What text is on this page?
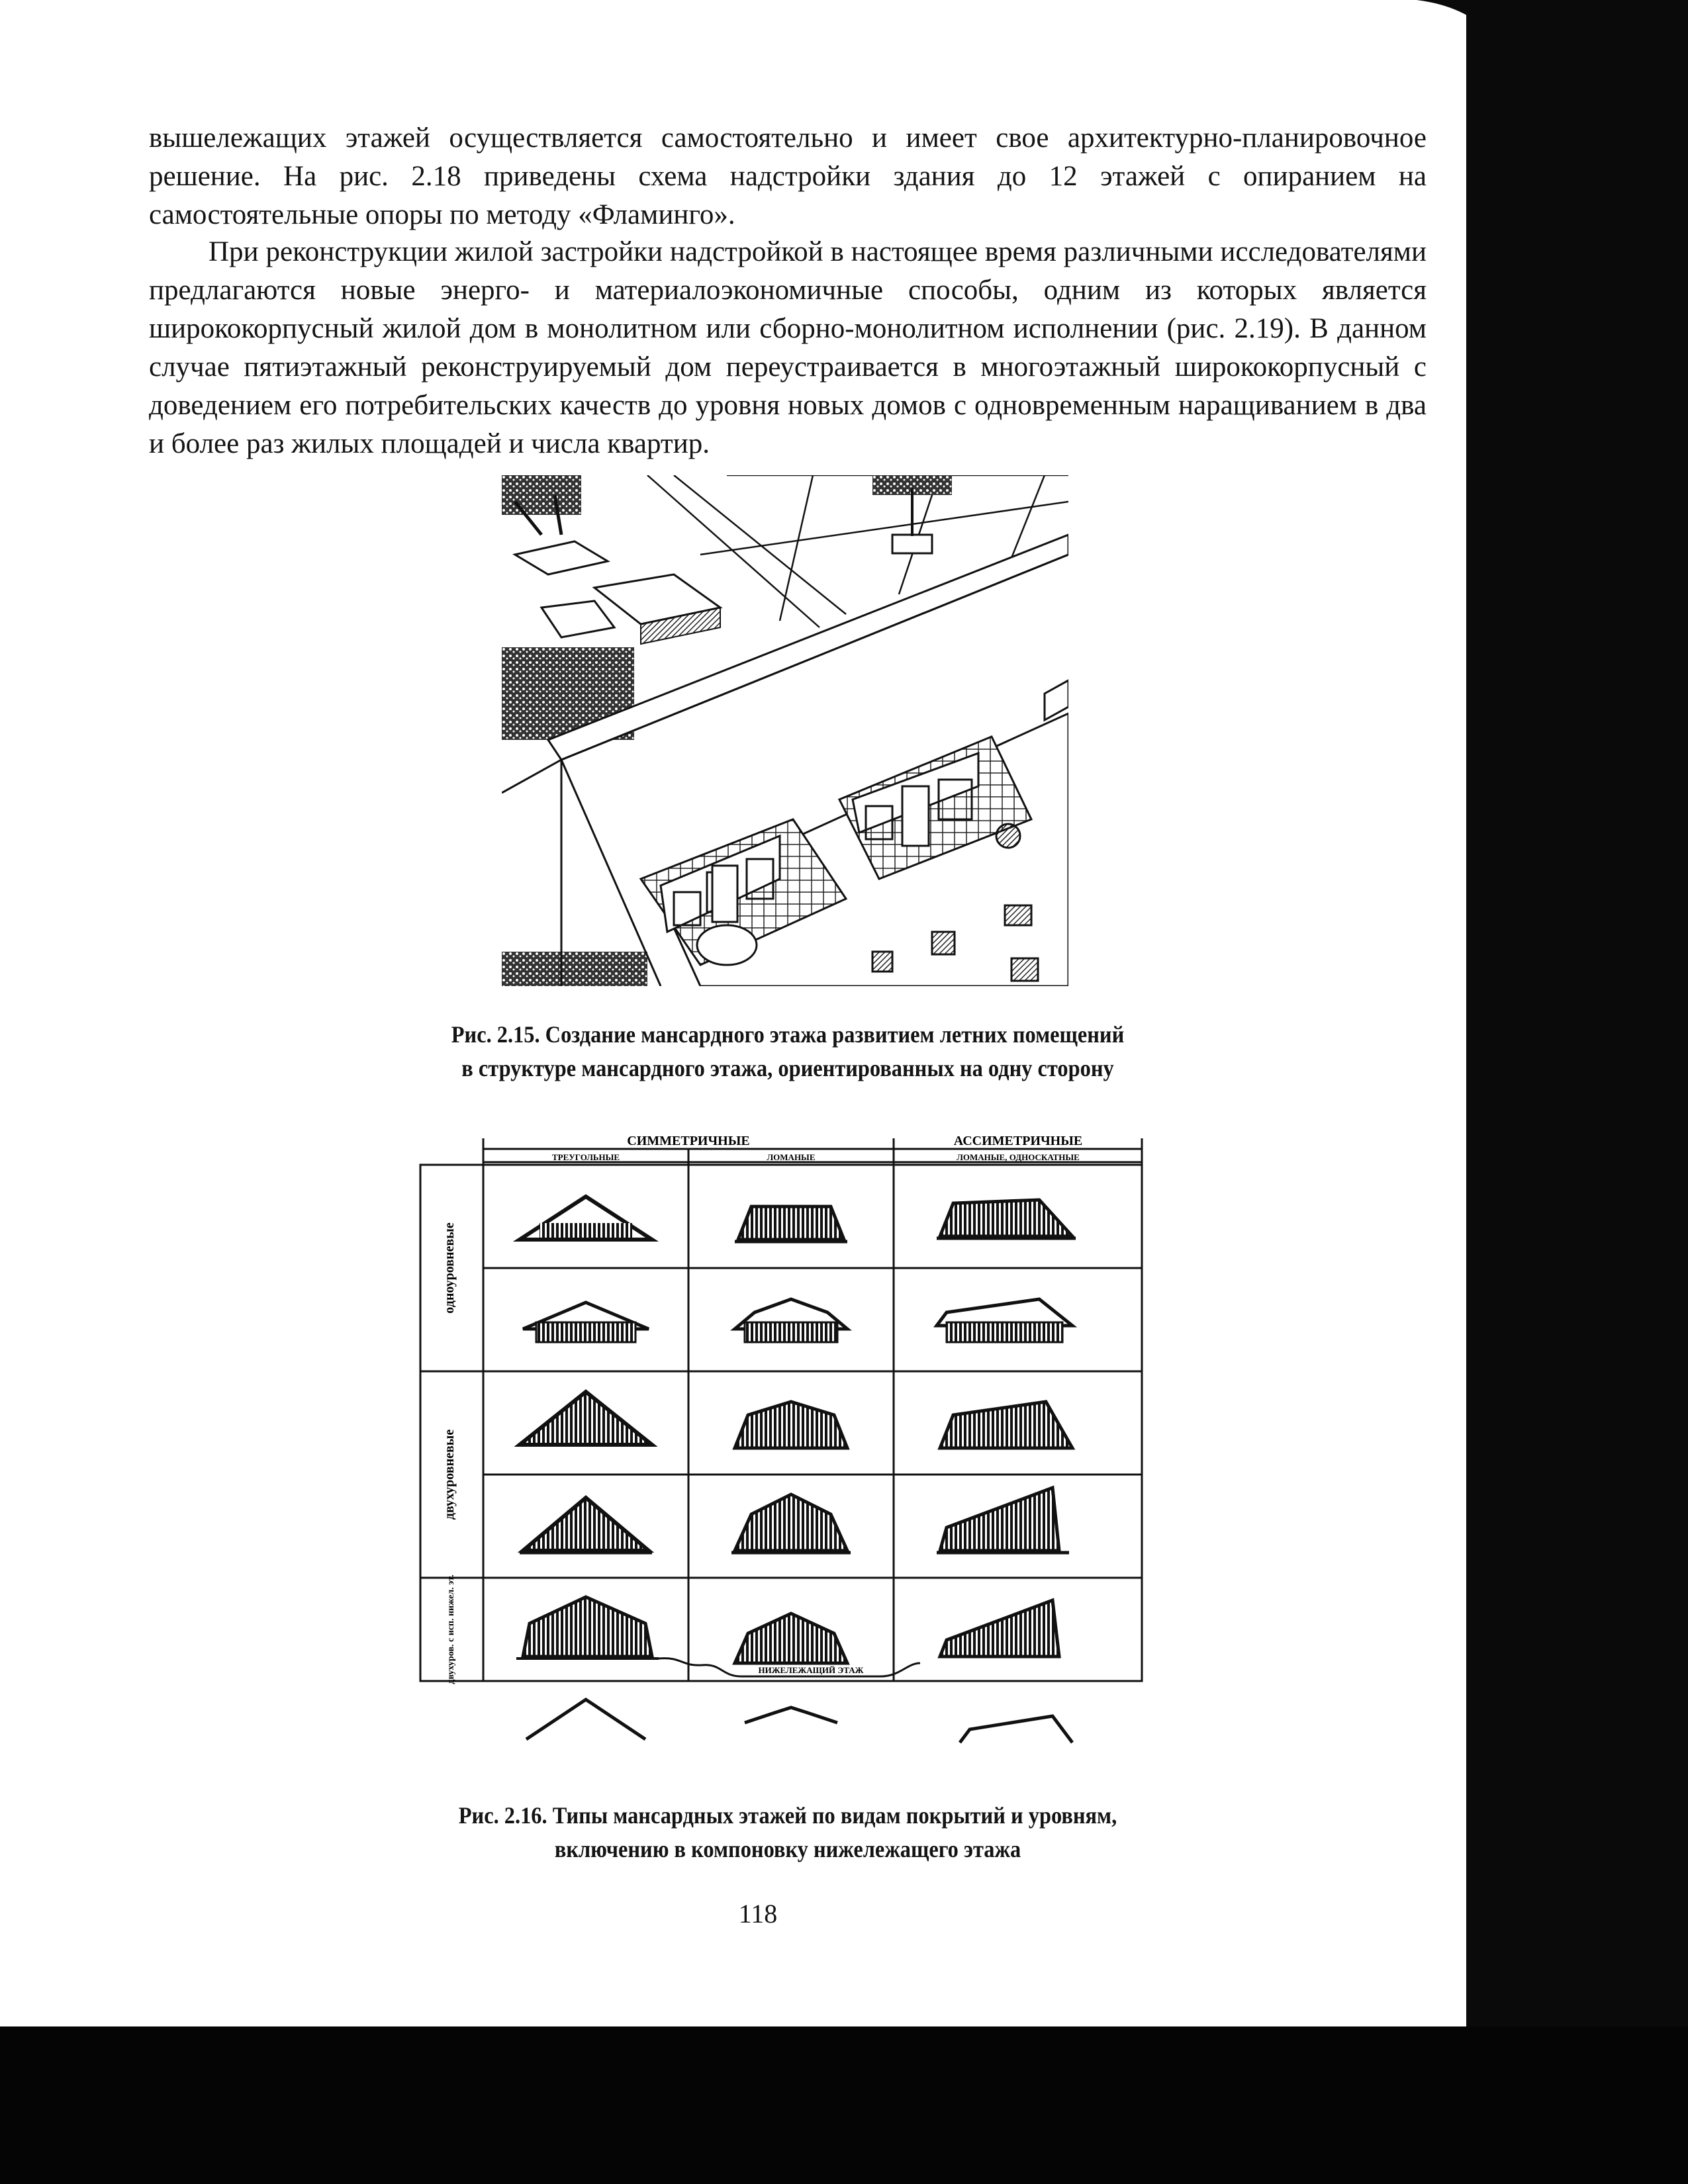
вышележащих этажей осуществляется самостоятельно и имеет свое архитектурно-планировочное решение. На рис. 2.18 приведены схема надстройки здания до 12 этажей с опиранием на самостоятельные опоры по методу «Фламинго».

При реконструкции жилой застройки надстройкой в настоящее время различными исследователями предлагаются новые энерго- и материалоэкономичные способы, одним из которых является ширококорпусный жилой дом в монолитном или сборно-монолитном исполнении (рис. 2.19). В данном случае пятиэтажный реконструируемый дом переустраивается в многоэтажный ширококорпусный с доведением его потребительских качеств до уровня новых домов с одновременным наращиванием в два и более раз жилых площадей и числа квартир.

Рис. 2.15. Создание мансардного этажа развитием летних помещений
в структуре мансардного этажа, ориентированных на одну сторону

СИММЕТРИЧНЫЕ	АССИМЕТРИЧНЫЕ
ТРЕУГОЛЬНЫЕ	ЛОМАНЫЕ	ЛОМАНЫЕ, ОДНОСКАТНЫЕ
одноуровневые
двухуровневые
двухуров. с исп. нижел. эт.	НИЖЕЛЕЖАЩИЙ ЭТАЖ

Рис. 2.16. Типы мансардных этажей по видам покрытий и уровням,
включению в компоновку нижележащего этажа

118
